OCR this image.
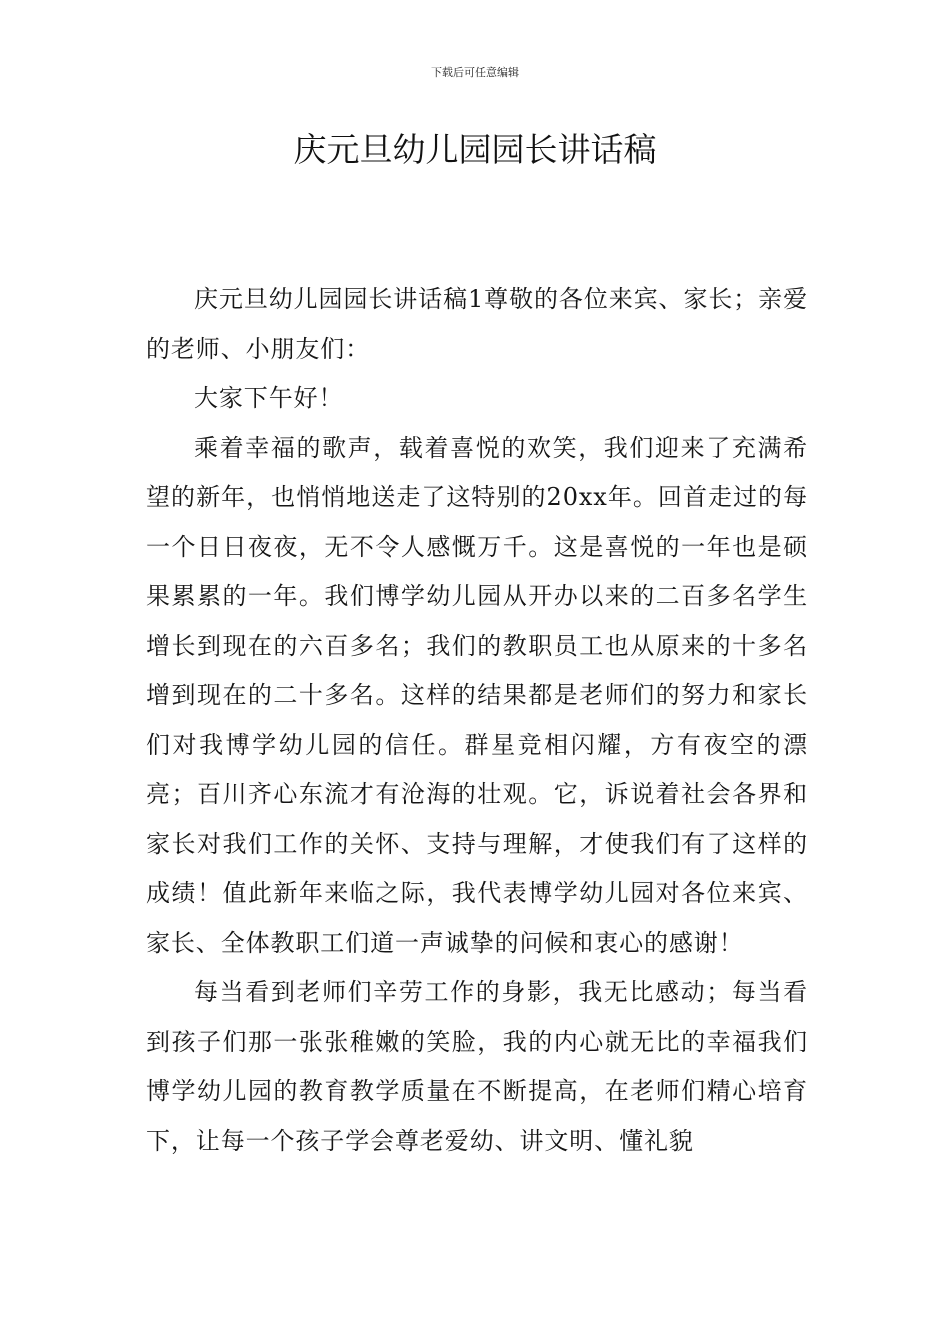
下载后可任意编辑
庆元旦幼儿园园长讲话稿

庆元旦幼儿园园长讲话稿1尊敬的各位来宾、家长；亲爱的老师、小朋友们：

大家下午好！

乘着幸福的歌声，载着喜悦的欢笑，我们迎来了充满希望的新年，也悄悄地送走了这特别的20xx年。回首走过的每一个日日夜夜，无不令人感慨万千。这是喜悦的一年也是硕果累累的一年。我们博学幼儿园从开办以来的二百多名学生增长到现在的六百多名；我们的教职员工也从原来的十多名增到现在的二十多名。这样的结果都是老师们的努力和家长们对我博学幼儿园的信任。群星竞相闪耀，方有夜空的漂亮；百川齐心东流才有沧海的壮观。它，诉说着社会各界和家长对我们工作的关怀、支持与理解，才使我们有了这样的成绩！值此新年来临之际，我代表博学幼儿园对各位来宾、家长、全体教职工们道一声诚挚的问候和衷心的感谢！

每当看到老师们辛劳工作的身影，我无比感动；每当看到孩子们那一张张稚嫩的笑脸，我的内心就无比的幸福我们博学幼儿园的教育教学质量在不断提高，在老师们精心培育下，让每一个孩子学会尊老爱幼、讲文明、懂礼貌
